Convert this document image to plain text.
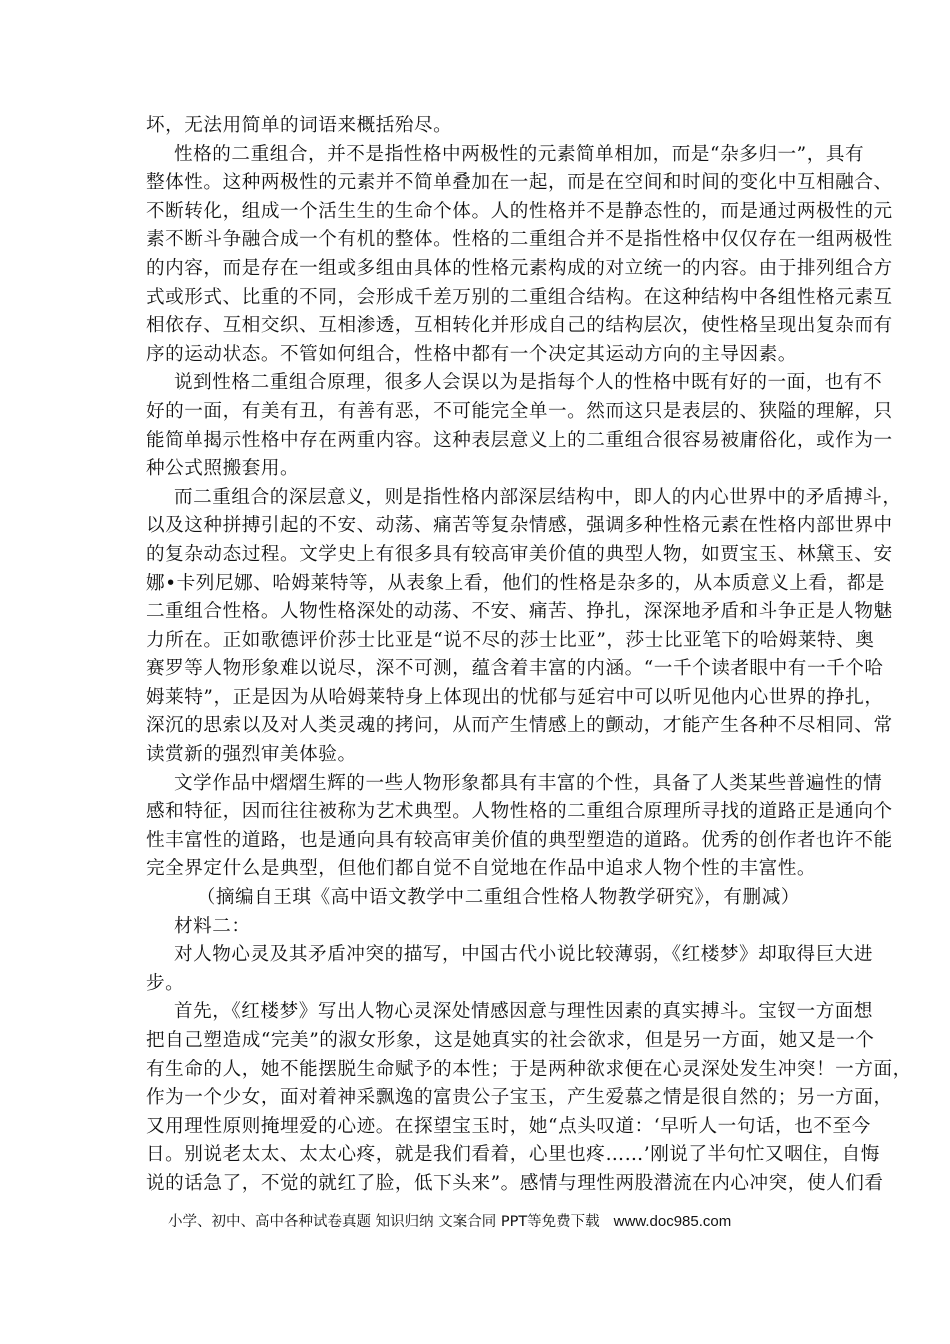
坏，无法用简单的词语来概括殆尽。
性格的二重组合，并不是指性格中两极性的元素简单相加，而是“杂多归一”，具有
整体性。这种两极性的元素并不简单叠加在一起，而是在空间和时间的变化中互相融合、
不断转化，组成一个活生生的生命个体。人的性格并不是静态性的，而是通过两极性的元
素不断斗争融合成一个有机的整体。性格的二重组合并不是指性格中仅仅存在一组两极性
的内容，而是存在一组或多组由具体的性格元素构成的对立统一的内容。由于排列组合方
式或形式、比重的不同，会形成千差万别的二重组合结构。在这种结构中各组性格元素互
相依存、互相交织、互相渗透，互相转化并形成自己的结构层次，使性格呈现出复杂而有
序的运动状态。不管如何组合，性格中都有一个决定其运动方向的主导因素。
说到性格二重组合原理，很多人会误以为是指每个人的性格中既有好的一面，也有不
好的一面，有美有丑，有善有恶，不可能完全单一。然而这只是表层的、狭隘的理解，只
能简单揭示性格中存在两重内容。这种表层意义上的二重组合很容易被庸俗化，或作为一
种公式照搬套用。
而二重组合的深层意义，则是指性格内部深层结构中，即人的内心世界中的矛盾搏斗，
以及这种拼搏引起的不安、动荡、痛苦等复杂情感，强调多种性格元素在性格内部世界中
的复杂动态过程。文学史上有很多具有较高审美价值的典型人物，如贾宝玉、林黛玉、安
娜•卡列尼娜、哈姆莱特等，从表象上看，他们的性格是杂多的，从本质意义上看，都是
二重组合性格。人物性格深处的动荡、不安、痛苦、挣扎，深深地矛盾和斗争正是人物魅
力所在。正如歌德评价莎士比亚是“说不尽的莎士比亚”，莎士比亚笔下的哈姆莱特、奥
赛罗等人物形象难以说尽，深不可测，蕴含着丰富的内涵。“一千个读者眼中有一千个哈
姆莱特”，正是因为从哈姆莱特身上体现出的忧郁与延宕中可以听见他内心世界的挣扎，
深沉的思索以及对人类灵魂的拷问，从而产生情感上的颤动，才能产生各种不尽相同、常
读赏新的强烈审美体验。
文学作品中熠熠生辉的一些人物形象都具有丰富的个性，具备了人类某些普遍性的情
感和特征，因而往往被称为艺术典型。人物性格的二重组合原理所寻找的道路正是通向个
性丰富性的道路，也是通向具有较高审美价值的典型塑造的道路。优秀的创作者也许不能
完全界定什么是典型，但他们都自觉不自觉地在作品中追求人物个性的丰富性。
（摘编自王琪《高中语文教学中二重组合性格人物教学研究》，有删减）
材料二：
对人物心灵及其矛盾冲突的描写，中国古代小说比较薄弱，《红楼梦》却取得巨大进
步。
首先，《红楼梦》写出人物心灵深处情感因意与理性因素的真实搏斗。宝钗一方面想
把自己塑造成“完美”的淑女形象，这是她真实的社会欲求，但是另一方面，她又是一个
有生命的人，她不能摆脱生命赋予的本性；于是两种欲求便在心灵深处发生冲突！一方面，
作为一个少女，面对着神采飘逸的富贵公子宝玉，产生爱慕之情是很自然的；另一方面，
又用理性原则掩埋爱的心迹。在探望宝玉时，她“点头叹道：‘早听人一句话，也不至今
日。别说老太太、太太心疼，就是我们看着，心里也疼……’刚说了半句忙又咽住，自悔
说的话急了，不觉的就红了脸，低下头来”。感情与理性两股潜流在内心冲突，使人们看
小学、初中、高中各种试卷真题 知识归纳 文案合同 PPT等免费下载 www.doc985.com
